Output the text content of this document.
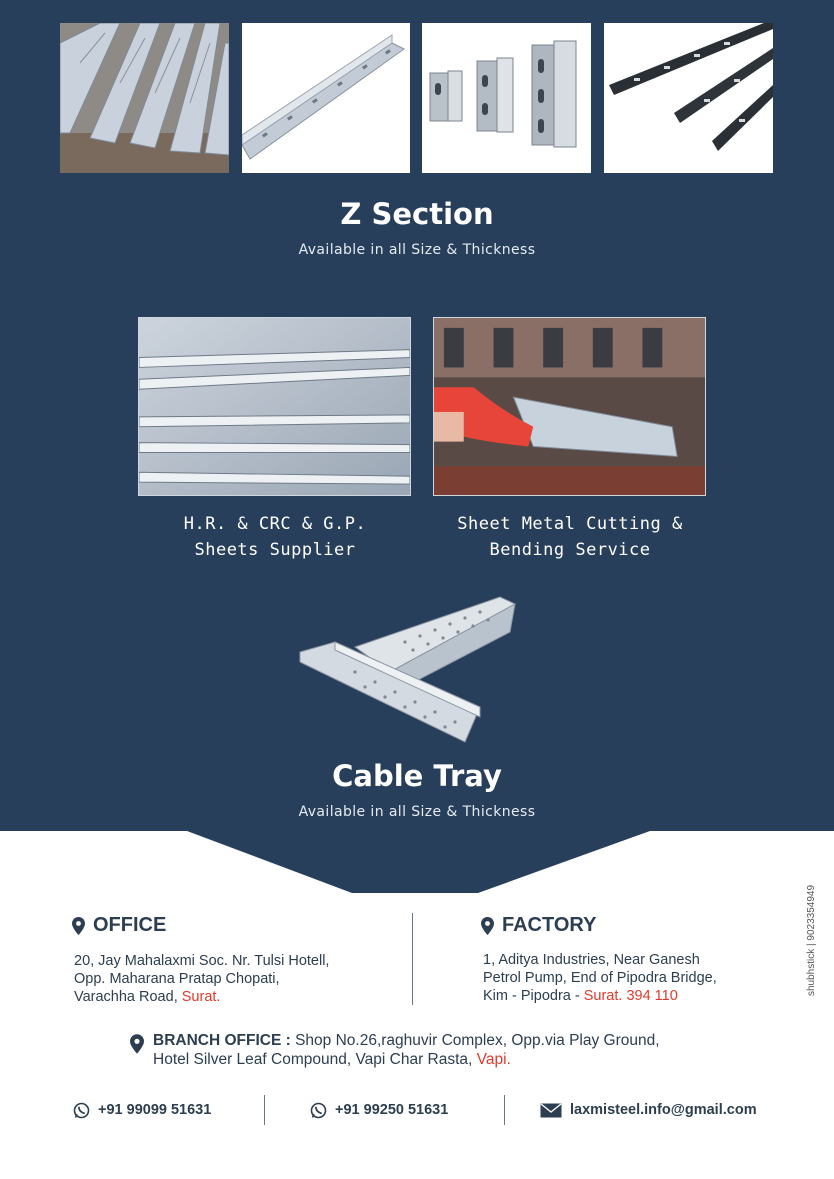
Z Section
Available in all Size & Thickness
H.R. & CRC & G.P.
Sheets Supplier
Sheet Metal Cutting &
Bending Service
Cable Tray
Available in all Size & Thickness
OFFICE
20, Jay Mahalaxmi Soc. Nr. Tulsi Hotell,
Opp. Maharana Pratap Chopati,
Varachha Road, Surat.
FACTORY
1, Aditya Industries, Near Ganesh
Petrol Pump, End of Pipodra Bridge,
Kim - Pipodra - Surat. 394 110
BRANCH OFFICE : Shop No.26,raghuvir Complex, Opp.via Play Ground,
Hotel Silver Leaf Compound, Vapi Char Rasta, Vapi.
+91 99099 51631	+91 99250 51631	laxmisteel.info@gmail.com
shubhstick | 9023354949
